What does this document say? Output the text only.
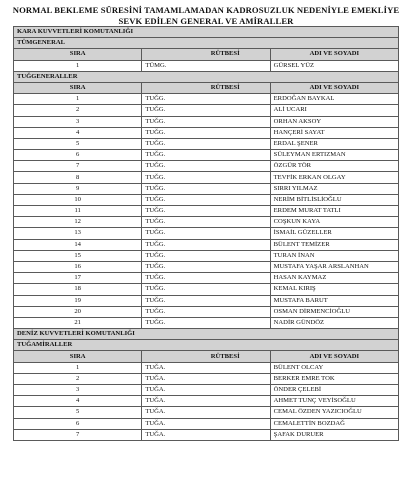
NORMAL BEKLEME SÜRESİNİ TAMAMLAMADAN KADROSUZLUK NEDENİYLE EMEKLİYE
SEVK EDİLEN GENERAL VE AMİRALLER
KARA KUVVETLERİ KOMUTANLIĞI		
TÜMGENERAL		
SIRA	RÜTBESİ	ADI VE SOYADI
1	TÜMG.	GÜRSEL YÜZ
TUĞGENERALLER		
SIRA	RÜTBESİ	ADI VE SOYADI
1	TUĞG.	ERDOĞAN BAYKAL
2	TUĞG.	ALİ UCARI
3	TUĞG.	ORHAN AKSOY
4	TUĞG.	HANÇERİ SAYAT
5	TUĞG.	ERDAL ŞENER
6	TUĞG.	SÜLEYMAN ERTIZMAN
7	TUĞG.	ÖZGÜR TÖR
8	TUĞG.	TEVFİK ERKAN OLGAY
9	TUĞG.	SIRRI YILMAZ
10	TUĞG.	NERİM BİTLİSLİOĞLU
11	TUĞG.	ERDEM MURAT TATLI
12	TUĞG.	COŞKUN KAYA
13	TUĞG.	İSMAİL GÜZELLER
14	TUĞG.	BÜLENT TEMİZER
15	TUĞG.	TURAN İNAN
16	TUĞG.	MUSTAFA YAŞAR ARSLANHAN
17	TUĞG.	HASAN KAYMAZ
18	TUĞG.	KEMAL KIRIŞ
19	TUĞG.	MUSTAFA BARUT
20	TUĞG.	OSMAN DİRMENCİOĞLU
21	TUĞG.	NADİR GÜNDÖZ
DENİZ KUVVETLERİ KOMUTANLIĞI		
TUĞAMİRALLER		
SIRA	RÜTBESİ	ADI VE SOYADI
1	TUĞA.	BÜLENT OLCAY
2	TUĞA.	BERKER EMRE TOK
3	TUĞA.	ÖNDER ÇELEBİ
4	TUĞA.	AHMET TUNÇ VEYİSOĞLU
5	TUĞA.	CEMAL ÖZDEN YAZICIOĞLU
6	TUĞA.	CEMALETTİN BOZDAĞ
7	TUĞA.	ŞAFAK DURUER
